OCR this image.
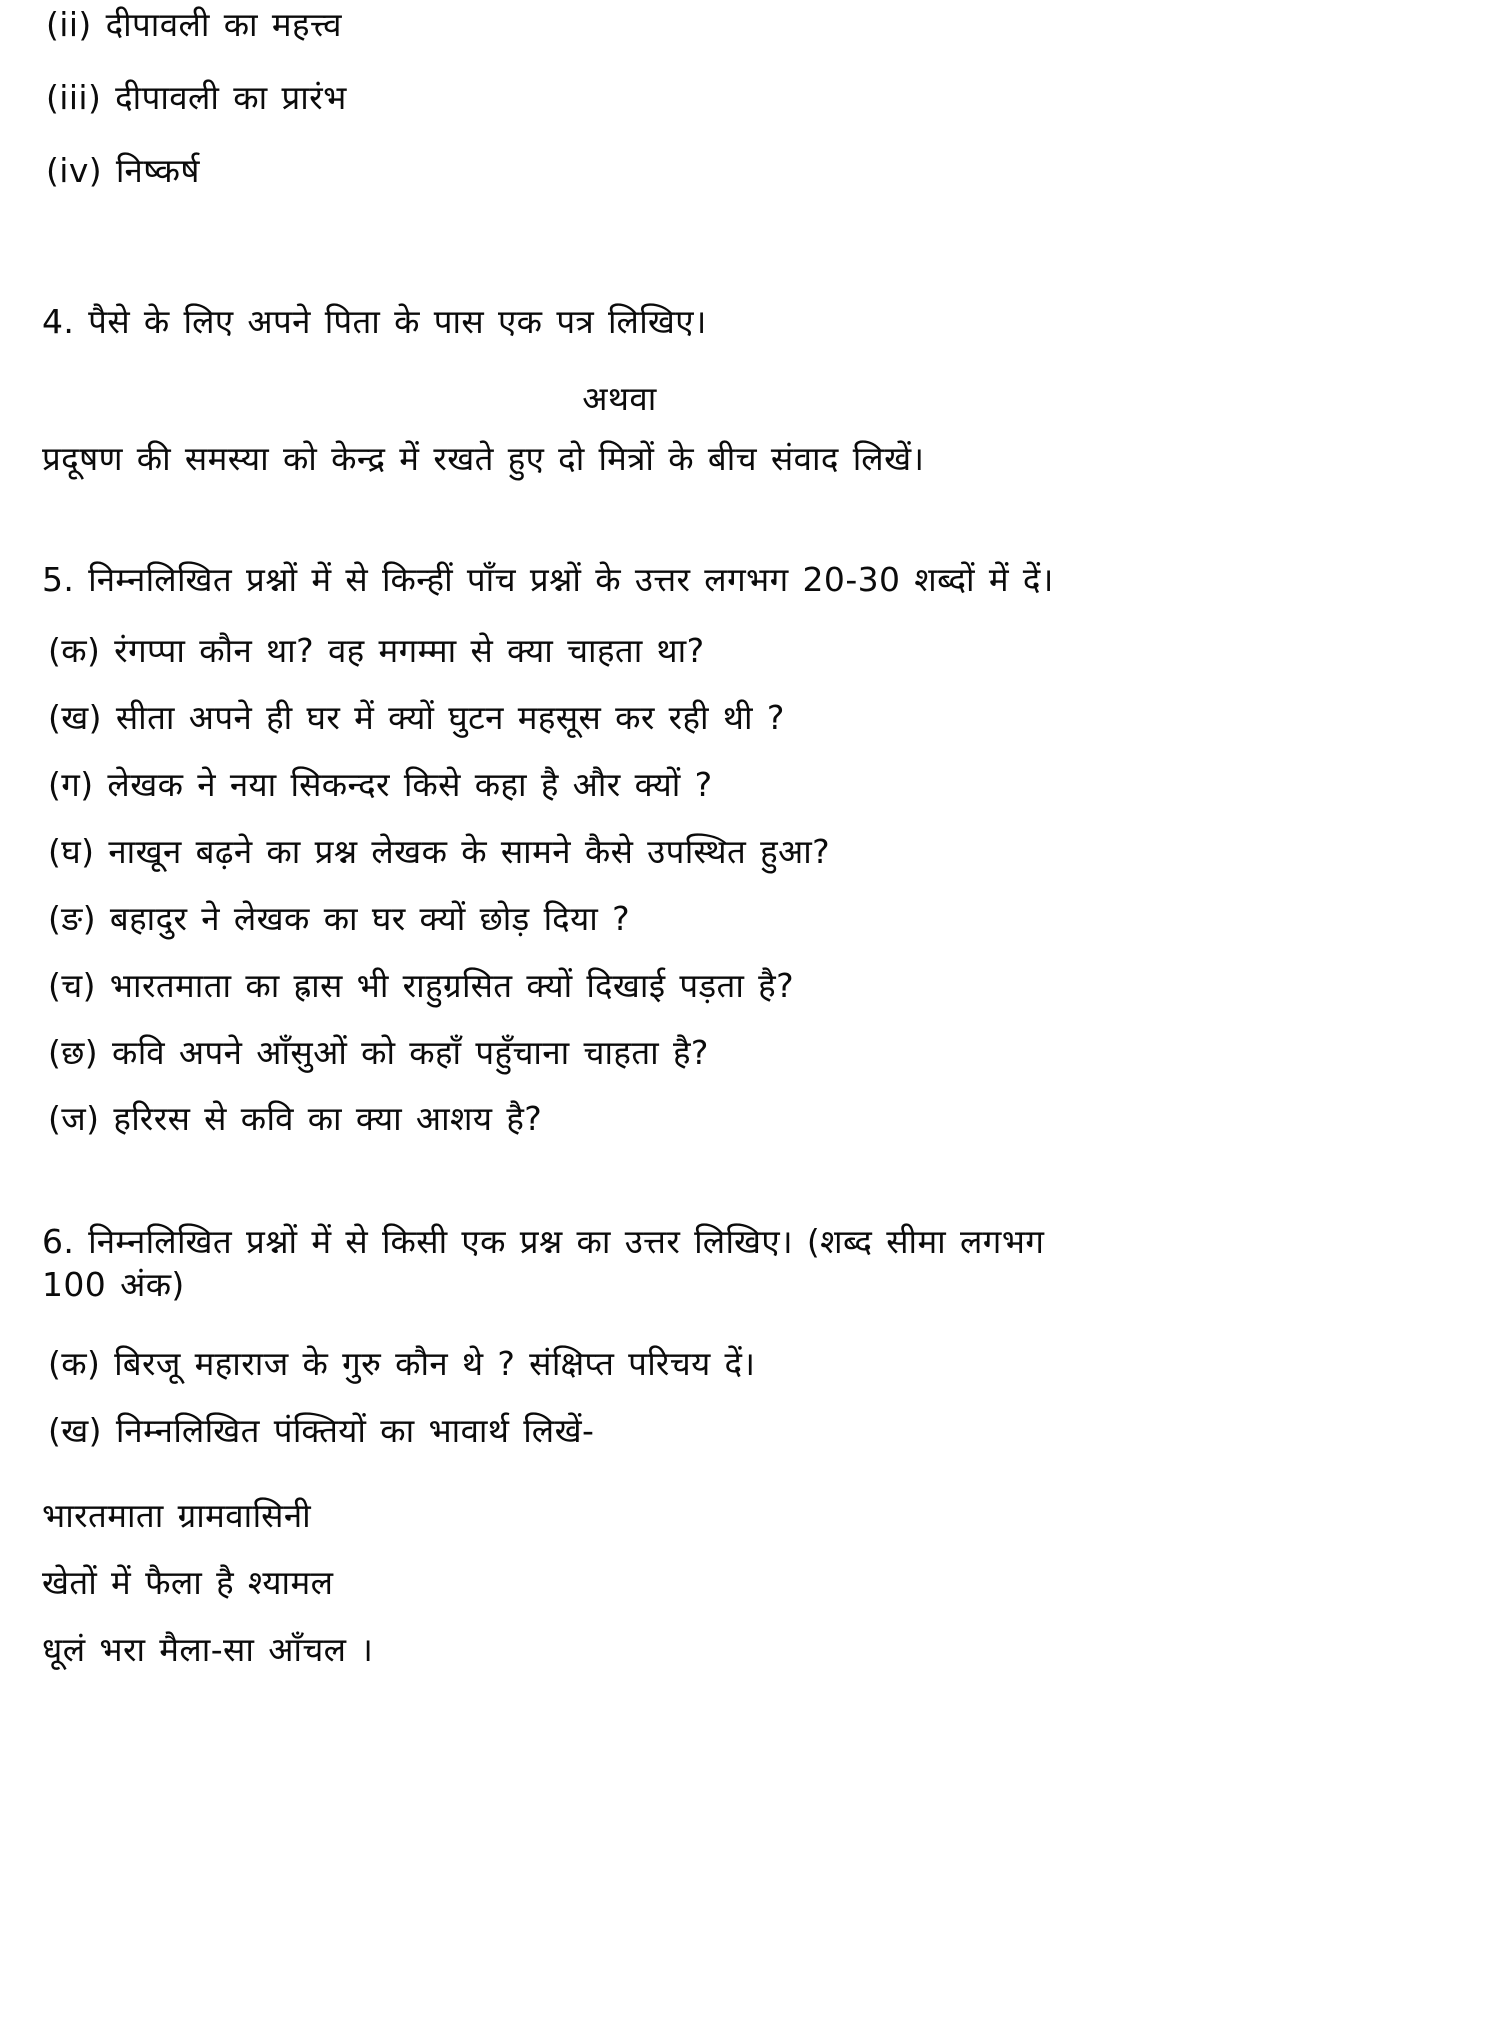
(ii) दीपावली का महत्त्व
(iii) दीपावली का प्रारंभ
(iv) निष्कर्ष
4. पैसे के लिए अपने पिता के पास एक पत्र लिखिए।
अथवा
प्रदूषण की समस्या को केन्द्र में रखते हुए दो मित्रों के बीच संवाद लिखें।
5. निम्नलिखित प्रश्नों में से किन्हीं पाँच प्रश्नों के उत्तर लगभग 20-30 शब्दों में दें।
(क) रंगप्पा कौन था? वह मगम्मा से क्या चाहता था?
(ख) सीता अपने ही घर में क्यों घुटन महसूस कर रही थी ?
(ग) लेखक ने नया सिकन्दर किसे कहा है और क्यों ?
(घ) नाखून बढ़ने का प्रश्न लेखक के सामने कैसे उपस्थित हुआ?
(ङ) बहादुर ने लेखक का घर क्यों छोड़ दिया ?
(च) भारतमाता का ह्रास भी राहुग्रसित क्यों दिखाई पड़ता है?
(छ) कवि अपने आँसुओं को कहाँ पहुँचाना चाहता है?
(ज) हरिरस से कवि का क्या आशय है?
6. निम्नलिखित प्रश्नों में से किसी एक प्रश्न का उत्तर लिखिए। (शब्द सीमा लगभग
100 अंक)
(क) बिरजू महाराज के गुरु कौन थे ? संक्षिप्त परिचय दें।
(ख) निम्नलिखित पंक्तियों का भावार्थ लिखें-
भारतमाता ग्रामवासिनी
खेतों में फैला है श्यामल
धूलं भरा मैला-सा आँचल ।
